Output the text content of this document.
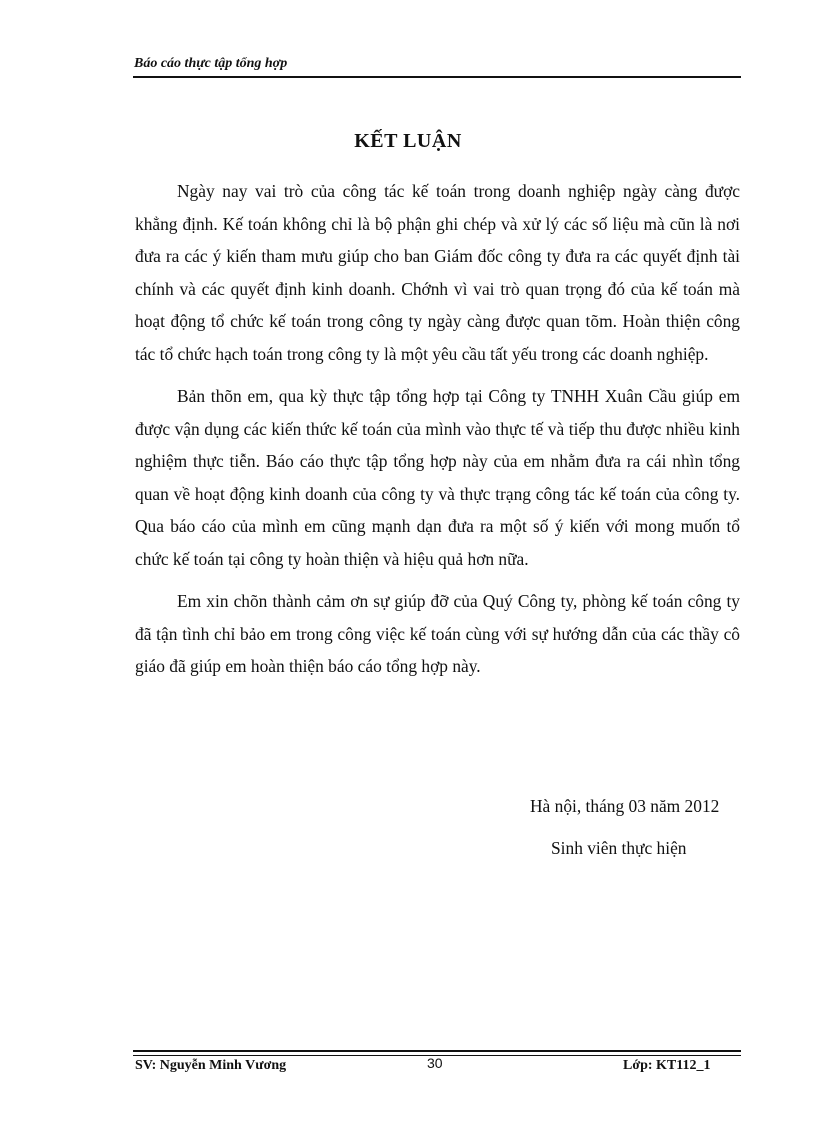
Báo cáo thực tập tổng hợp
KẾT LUẬN

Ngày nay vai trò của công tác kế toán trong doanh nghiệp ngày càng được khẳng định. Kế toán không chỉ là bộ phận ghi chép và xử lý các số liệu mà cũn là nơi đưa ra các ý kiến tham mưu giúp cho ban Giám đốc công ty đưa ra các quyết định tài chính và các quyết định kinh doanh. Chớnh vì vai trò quan trọng đó của kế toán mà hoạt động tổ chức kế toán trong công ty ngày càng được quan tõm. Hoàn thiện công tác tổ chức hạch toán trong công ty là một yêu cầu tất yếu trong các doanh nghiệp.

Bản thõn em, qua kỳ thực tập tổng hợp tại Công ty TNHH Xuân Cầu giúp em được vận dụng các kiến thức kế toán của mình vào thực tế và tiếp thu được nhiều kinh nghiệm thực tiễn. Báo cáo thực tập tổng hợp này của em nhằm đưa ra cái nhìn tổng quan về hoạt động kinh doanh của công ty và thực trạng công tác kế toán của công ty. Qua báo cáo của mình em cũng mạnh dạn đưa ra một số ý kiến với mong muốn tổ chức kế toán tại công ty hoàn thiện và hiệu quả hơn nữa.

Em xin chõn thành cảm ơn sự giúp đỡ của Quý Công ty, phòng kế toán công ty đã tận tình chỉ bảo em trong công việc kế toán cùng với sự hướng dẫn của các thầy cô giáo đã giúp em hoàn thiện báo cáo tổng hợp này.

Hà nội, tháng 03 năm 2012
Sinh viên thực hiện
SV: Nguyễn Minh Vương	30	Lớp: KT112_1
